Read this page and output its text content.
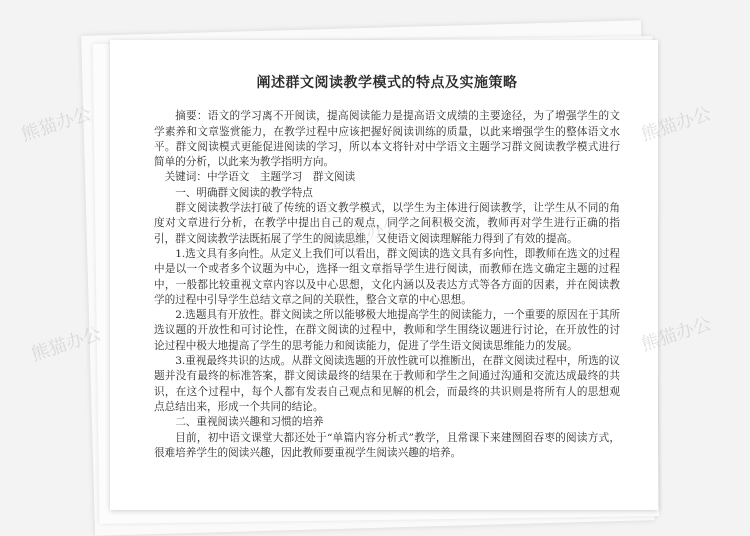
阐述群文阅读教学模式的特点及实施策略

摘要：语文的学习离不开阅读，提高阅读能力是提高语文成绩的主要途径，为了增强学生的文学素养和文章鉴赏能力，在教学过程中应该把握好阅读训练的质量，以此来增强学生的整体语文水平。群文阅读模式更能促进阅读的学习，所以本文将针对中学语文主题学习群文阅读教学模式进行简单的分析，以此来为教学指明方向。

关键词：中学语文　主题学习　群文阅读

一、明确群文阅读的教学特点

群文阅读教学法打破了传统的语文教学模式，以学生为主体进行阅读教学，让学生从不同的角度对文章进行分析，在教学中提出自己的观点，同学之间积极交流，教师再对学生进行正确的指引，群文阅读教学法既拓展了学生的阅读思维，又使语文阅读理解能力得到了有效的提高。

1.选文具有多向性。从定义上我们可以看出，群文阅读的选文具有多向性，即教师在选文的过程中是以一个或者多个议题为中心，选择一组文章指导学生进行阅读，而教师在选文确定主题的过程中，一般都比较重视文章内容以及中心思想，文化内涵以及表达方式等各方面的因素，并在阅读教学的过程中引导学生总结文章之间的关联性，整合文章的中心思想。

2.选题具有开放性。群文阅读之所以能够极大地提高学生的阅读能力，一个重要的原因在于其所选议题的开放性和可讨论性，在群文阅读的过程中，教师和学生围绕议题进行讨论，在开放性的讨论过程中极大地提高了学生的思考能力和阅读能力，促进了学生语文阅读思维能力的发展。

3.重视最终共识的达成。从群文阅读选题的开放性就可以推断出，在群文阅读过程中，所选的议题并没有最终的标准答案，群文阅读最终的结果在于教师和学生之间通过沟通和交流达成最终的共识，在这个过程中，每个人都有发表自己观点和见解的机会，而最终的共识则是将所有人的思想观点总结出来，形成一个共同的结论。

二、重视阅读兴趣和习惯的培养

目前，初中语文课堂大都还处于“单篇内容分析式”教学，且常课下来建囫囵吞枣的阅读方式，很难培养学生的阅读兴趣，因此教师要重视学生阅读兴趣的培养。

熊猫办公	熊猫办公
熊猫办公	熊猫办公
熊猫办公
